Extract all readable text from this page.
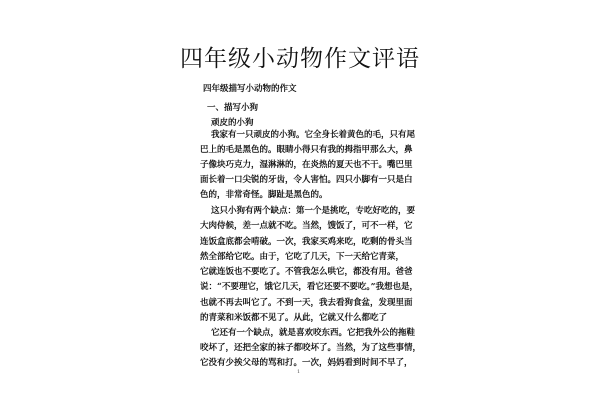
四年级小动物作文评语
四年级描写小动物的作文
一、描写小狗
顽皮的小狗
我家有一只顽皮的小狗。它全身长着黄色的毛，只有尾
巴上的毛是黑色的。眼睛小得只有我的拇指甲那么大，鼻
子像块巧克力，湿淋淋的，在炎热的夏天也不干。嘴巴里
面长着一口尖锐的牙齿，令人害怕。四只小脚有一只是白
色的，非常奇怪。脚趾是黑色的。
这只小狗有两个缺点：第一个是挑吃，专吃好吃的，要
大肉侍候，差一点就不吃。当然，馊饭了，可不一样，它
连饭盒底都会啃破。一次，我家买鸡来吃，吃剩的骨头当
然全部给它吃。由于，它吃了几天，下一天给它青菜，
它就连饭也不要吃了。不管我怎么哄它，都没有用。爸爸
说：“不要理它，饿它几天，看它还要不要吃。”我想也是，
也就不再去叫它了。不到一天，我去看狗食盆，发现里面
的青菜和米饭都不见了。从此，它就又什么都吃了
它还有一个缺点，就是喜欢咬东西。它把我外公的拖鞋
咬坏了，还把全家的袜子都咬坏了。当然，为了这些事情，
它没有少挨父母的骂和打。一次，妈妈看到时间不早了，
1
